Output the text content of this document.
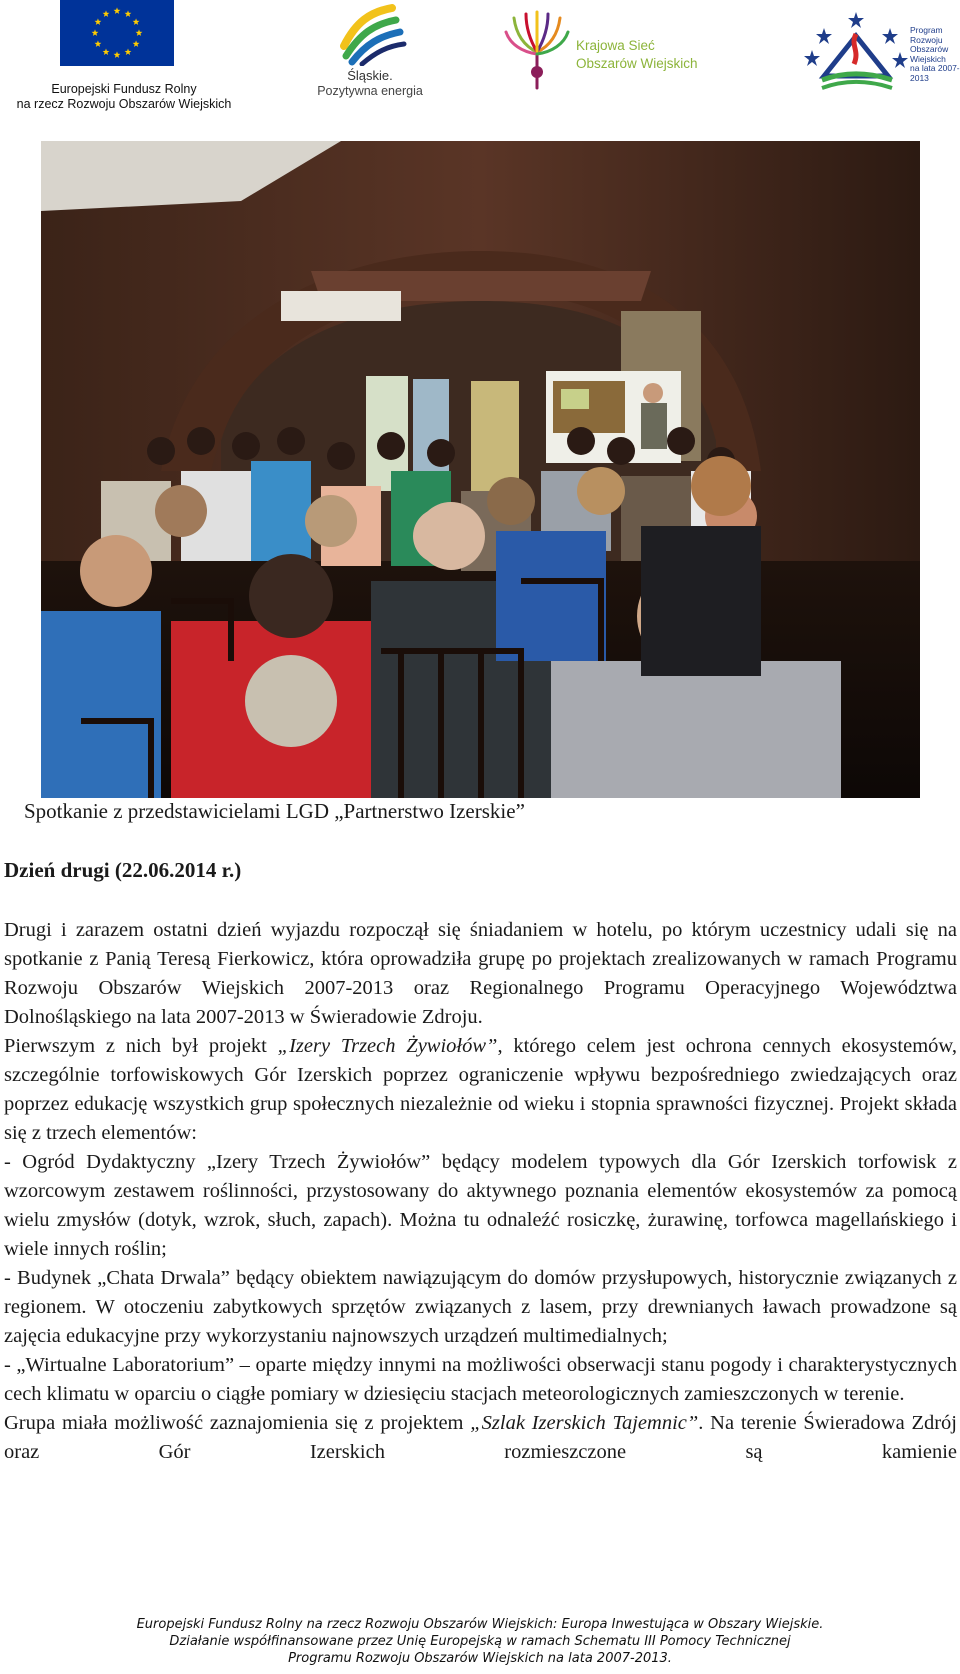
Europejski Fundusz Rolny
na rzecz Rozwoju Obszarów Wiejskich
Śląskie.
Pozytywna energia
Krajowa Sieć
Obszarów Wiejskich
Program
Rozwoju
Obszarów
Wiejskich
na lata 2007-2013
Spotkanie z przedstawicielami LGD „Partnerstwo Izerskie”
Dzień drugi (22.06.2014 r.)

Drugi i zarazem ostatni dzień wyjazdu rozpoczął się śniadaniem w hotelu, po którym uczestnicy udali się na spotkanie z Panią Teresą Fierkowicz, która oprowadziła grupę po projektach zrealizowanych w ramach Programu Rozwoju Obszarów Wiejskich 2007-2013 oraz Regionalnego Programu Operacyjnego Województwa Dolnośląskiego na lata 2007-2013 w Świeradowie Zdroju.

Pierwszym z nich był projekt „Izery Trzech Żywiołów”, którego celem jest ochrona cennych ekosystemów, szczególnie torfowiskowych Gór Izerskich poprzez ograniczenie wpływu bezpośredniego zwiedzających oraz poprzez edukację wszystkich grup społecznych niezależnie od wieku i stopnia sprawności fizycznej. Projekt składa się z trzech elementów:

- Ogród Dydaktyczny „Izery Trzech Żywiołów” będący modelem typowych dla Gór Izerskich torfowisk z wzorcowym zestawem roślinności, przystosowany do aktywnego poznania elementów ekosystemów za pomocą wielu zmysłów (dotyk, wzrok, słuch, zapach). Można tu odnaleźć rosiczkę, żurawinę, torfowca magellańskiego i wiele innych roślin;

- Budynek „Chata Drwala” będący obiektem nawiązującym do domów przysłupowych, historycznie związanych z regionem. W otoczeniu zabytkowych sprzętów związanych z lasem, przy drewnianych ławach prowadzone są zajęcia edukacyjne przy wykorzystaniu najnowszych urządzeń multimedialnych;

- „Wirtualne Laboratorium” – oparte między innymi na możliwości obserwacji stanu pogody i charakterystycznych cech klimatu w oparciu o ciągłe pomiary w dziesięciu stacjach meteorologicznych zamieszczonych w terenie.

Grupa miała możliwość zaznajomienia się z projektem „Szlak Izerskich Tajemnic”. Na terenie Świeradowa Zdrój oraz Gór Izerskich rozmieszczone są kamienie

Europejski Fundusz Rolny na rzecz Rozwoju Obszarów Wiejskich: Europa Inwestująca w Obszary Wiejskie.
Działanie współfinansowane przez Unię Europejską w ramach Schematu III Pomocy Technicznej
Programu Rozwoju Obszarów Wiejskich na lata 2007-2013.
